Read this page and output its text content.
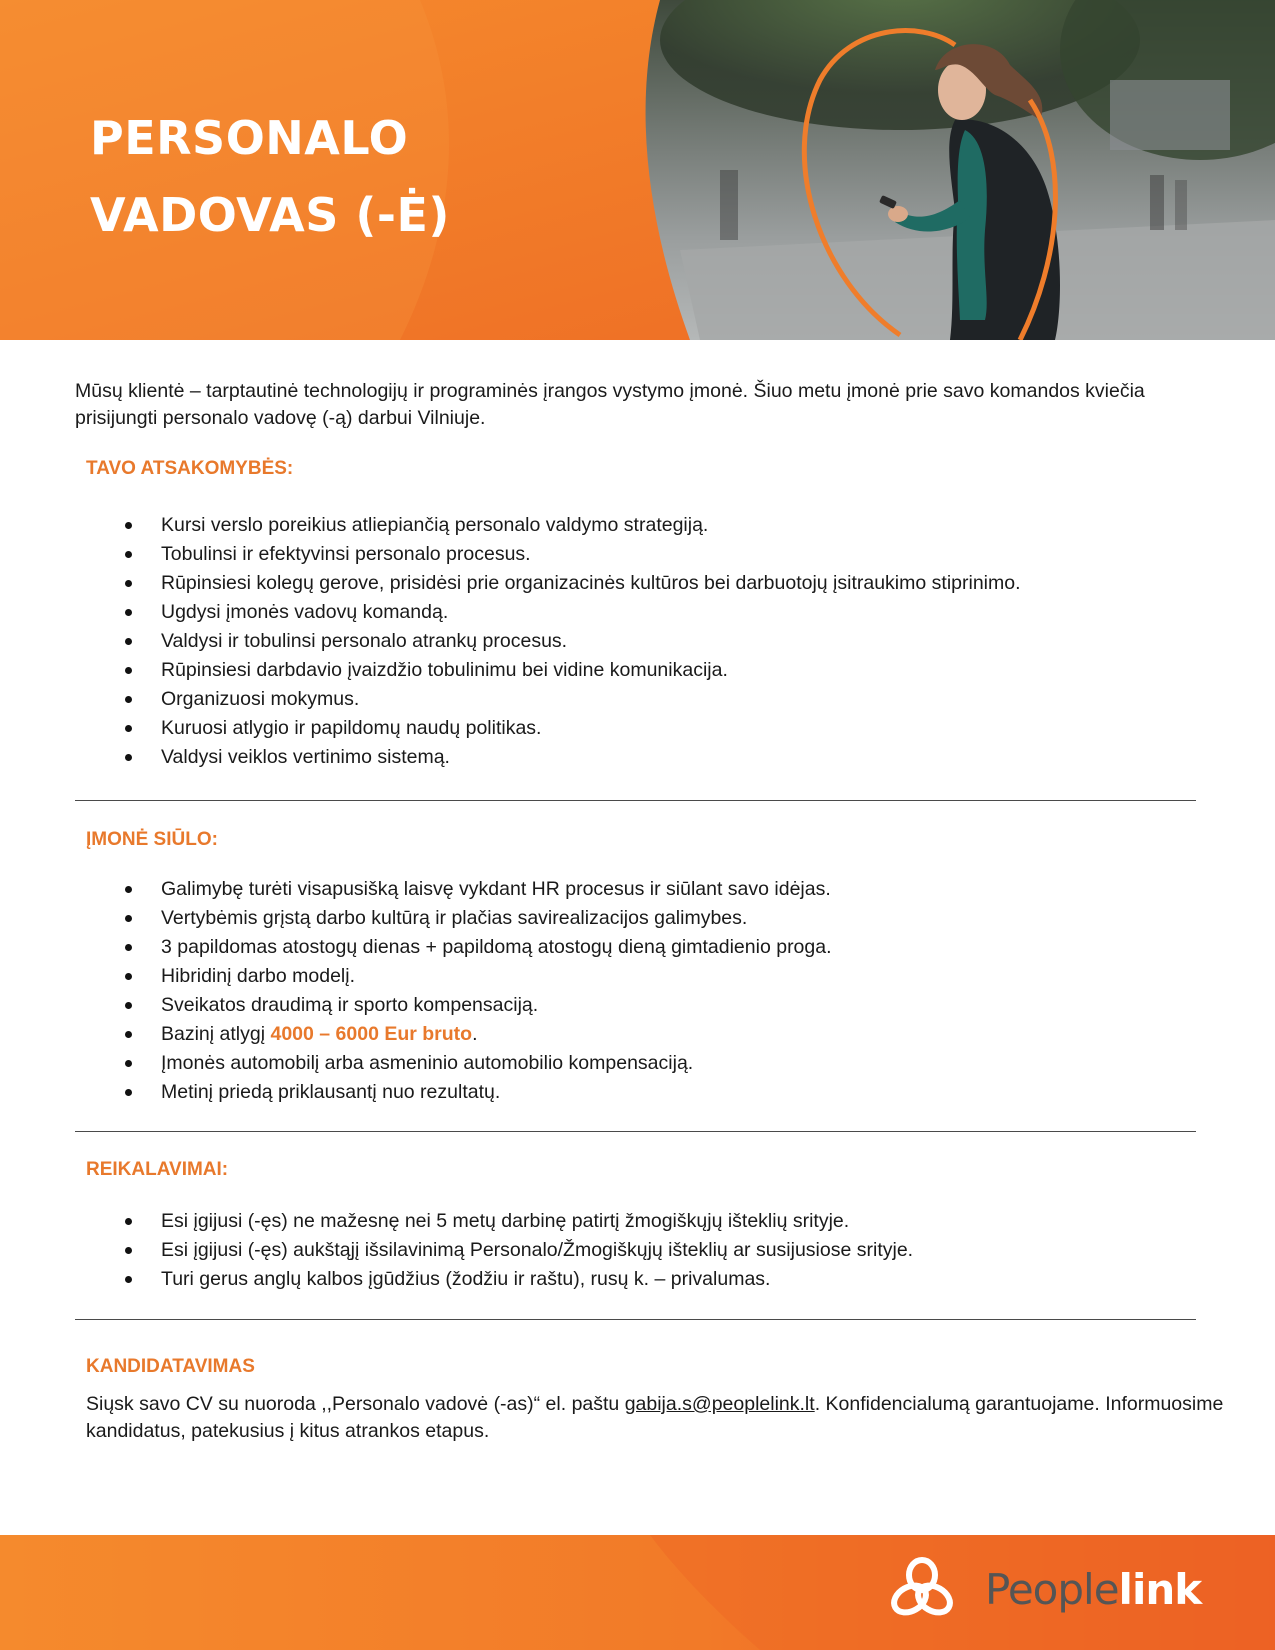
PERSONALO
VADOVAS (-Ė)

Mūsų klientė – tarptautinė technologijų ir programinės įrangos vystymo įmonė. Šiuo metu įmonė prie savo komandos kviečia prisijungti personalo vadovę (-ą) darbui Vilniuje.

TAVO ATSAKOMYBĖS:
Kursi verslo poreikius atliepiančią personalo valdymo strategiją.
Tobulinsi ir efektyvinsi personalo procesus.
Rūpinsiesi kolegų gerove, prisidėsi prie organizacinės kultūros bei darbuotojų įsitraukimo stiprinimo.
Ugdysi įmonės vadovų komandą.
Valdysi ir tobulinsi personalo atrankų procesus.
Rūpinsiesi darbdavio įvaizdžio tobulinimu bei vidine komunikacija.
Organizuosi mokymus.
Kuruosi atlygio ir papildomų naudų politikas.
Valdysi veiklos vertinimo sistemą.
ĮMONĖ SIŪLO:
Galimybę turėti visapusišką laisvę vykdant HR procesus ir siūlant savo idėjas.
Vertybėmis grįstą darbo kultūrą ir plačias savirealizacijos galimybes.
3 papildomas atostogų dienas + papildomą atostogų dieną gimtadienio proga.
Hibridinį darbo modelį.
Sveikatos draudimą ir sporto kompensaciją.
Bazinį atlygį 4000 – 6000 Eur bruto.
Įmonės automobilį arba asmeninio automobilio kompensaciją.
Metinį priedą priklausantį nuo rezultatų.
REIKALAVIMAI:
Esi įgijusi (-ęs) ne mažesnę nei 5 metų darbinę patirtį žmogiškųjų išteklių srityje.
Esi įgijusi (-ęs) aukštąjį išsilavinimą Personalo/Žmogiškųjų išteklių ar susijusiose srityje.
Turi gerus anglų kalbos įgūdžius (žodžiu ir raštu), rusų k. – privalumas.
KANDIDATAVIMAS

Siųsk savo CV su nuoroda ,,Personalo vadovė (-as)“ el. paštu gabija.s@peoplelink.lt. Konfidencialumą garantuojame. Informuosime kandidatus, patekusius į kitus atrankos etapus.

Peoplelink
